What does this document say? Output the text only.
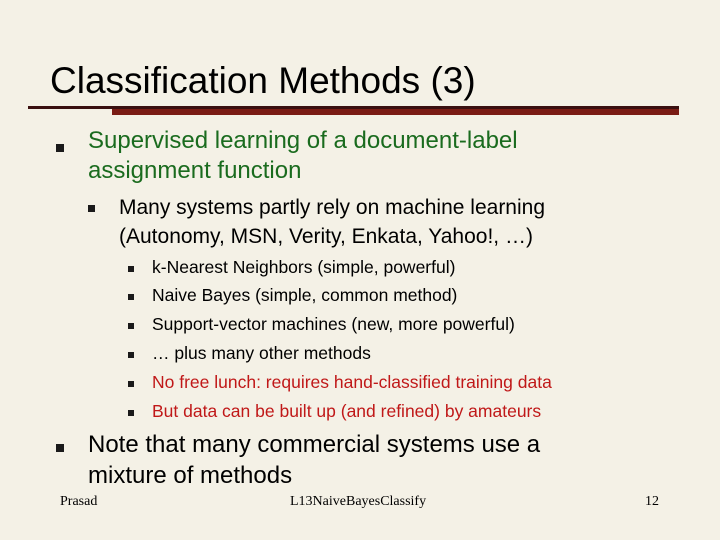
Classification Methods (3)
Supervised learning of a document-label
assignment function
Many systems partly rely on machine learning
(Autonomy, MSN, Verity, Enkata, Yahoo!, …)
k-Nearest Neighbors (simple, powerful)
Naive Bayes (simple, common method)
Support-vector machines (new, more powerful)
… plus many other methods
No free lunch: requires hand-classified training data
But data can be built up (and refined) by amateurs
Note that many commercial systems use a
mixture of methods
Prasad	L13NaiveBayesClassify	12
